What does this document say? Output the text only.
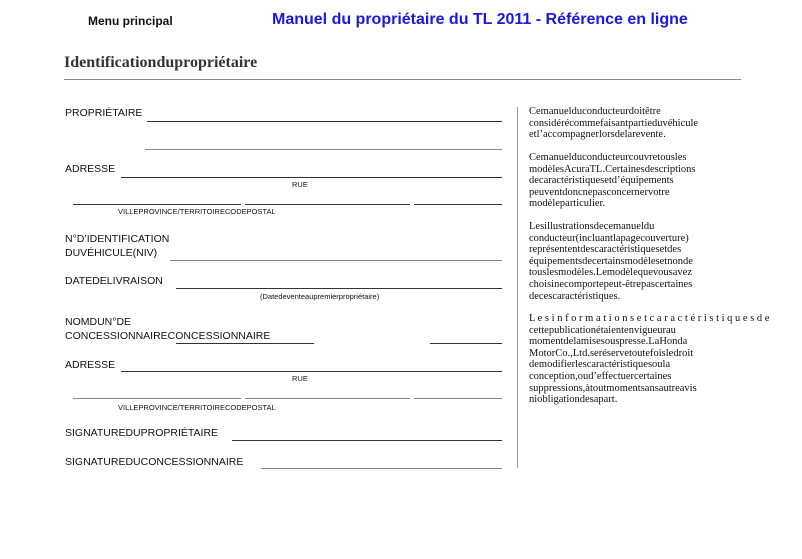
Menu principal	Manuel du propriétaire du TL 2011 - Référence en ligne
Identificationdupropriétaire
PROPRIÉTAIRE
ADRESSE
RUE
VILLEPROVINCE/TERRITOIRECODEPOSTAL
N°D’IDENTIFICATION
DUVÉHICULE(NIV)
DATEDELIVRAISON
(Datedeventeaupremierpropriétaire)
NOMDUN°DE
CONCESSIONNAIRECONCESSIONNAIRE
ADRESSE
RUE
VILLEPROVINCE/TERRITOIRECODEPOSTAL
SIGNATUREDUPROPRIÉTAIRE
SIGNATUREDUCONCESSIONNAIRE
Cemanuelduconducteurdoitêtre
considérécommefaisantpartieduvéhicule
etl’accompagnerlorsdelarevente.
Cemanuelduconducteurcouvretousles
modèlesAcuraTL.Certainesdescriptions
decaractéristiquesetd’équipements
peuventdoncnepasconcernervotre
modèleparticulier.
Lesillustrationsdecemanueldu
conducteur(incluantlapagecouverture)
représententdescaractéristiquesetdes
équipementsdecertainsmodèlesetnonde
touslesmodèles.Lemodèlequevousavez
choisinecomportepeut-êtrepascertaines
decescaractéristiques.
L e s i n f o r m a t i o n s e t c a r a c t é r i s t i q u e s d e
cettepublicationétaientenvigueurau
momentdelamisesouspresse.LaHonda
MotorCo.,Ltd.seréservetoutefoisledroit
demodifierlescaractéristiquesoula
conception,oud’effectuercertaines
suppressions,àtoutmomentsansautreavis
niobligationdesapart.
